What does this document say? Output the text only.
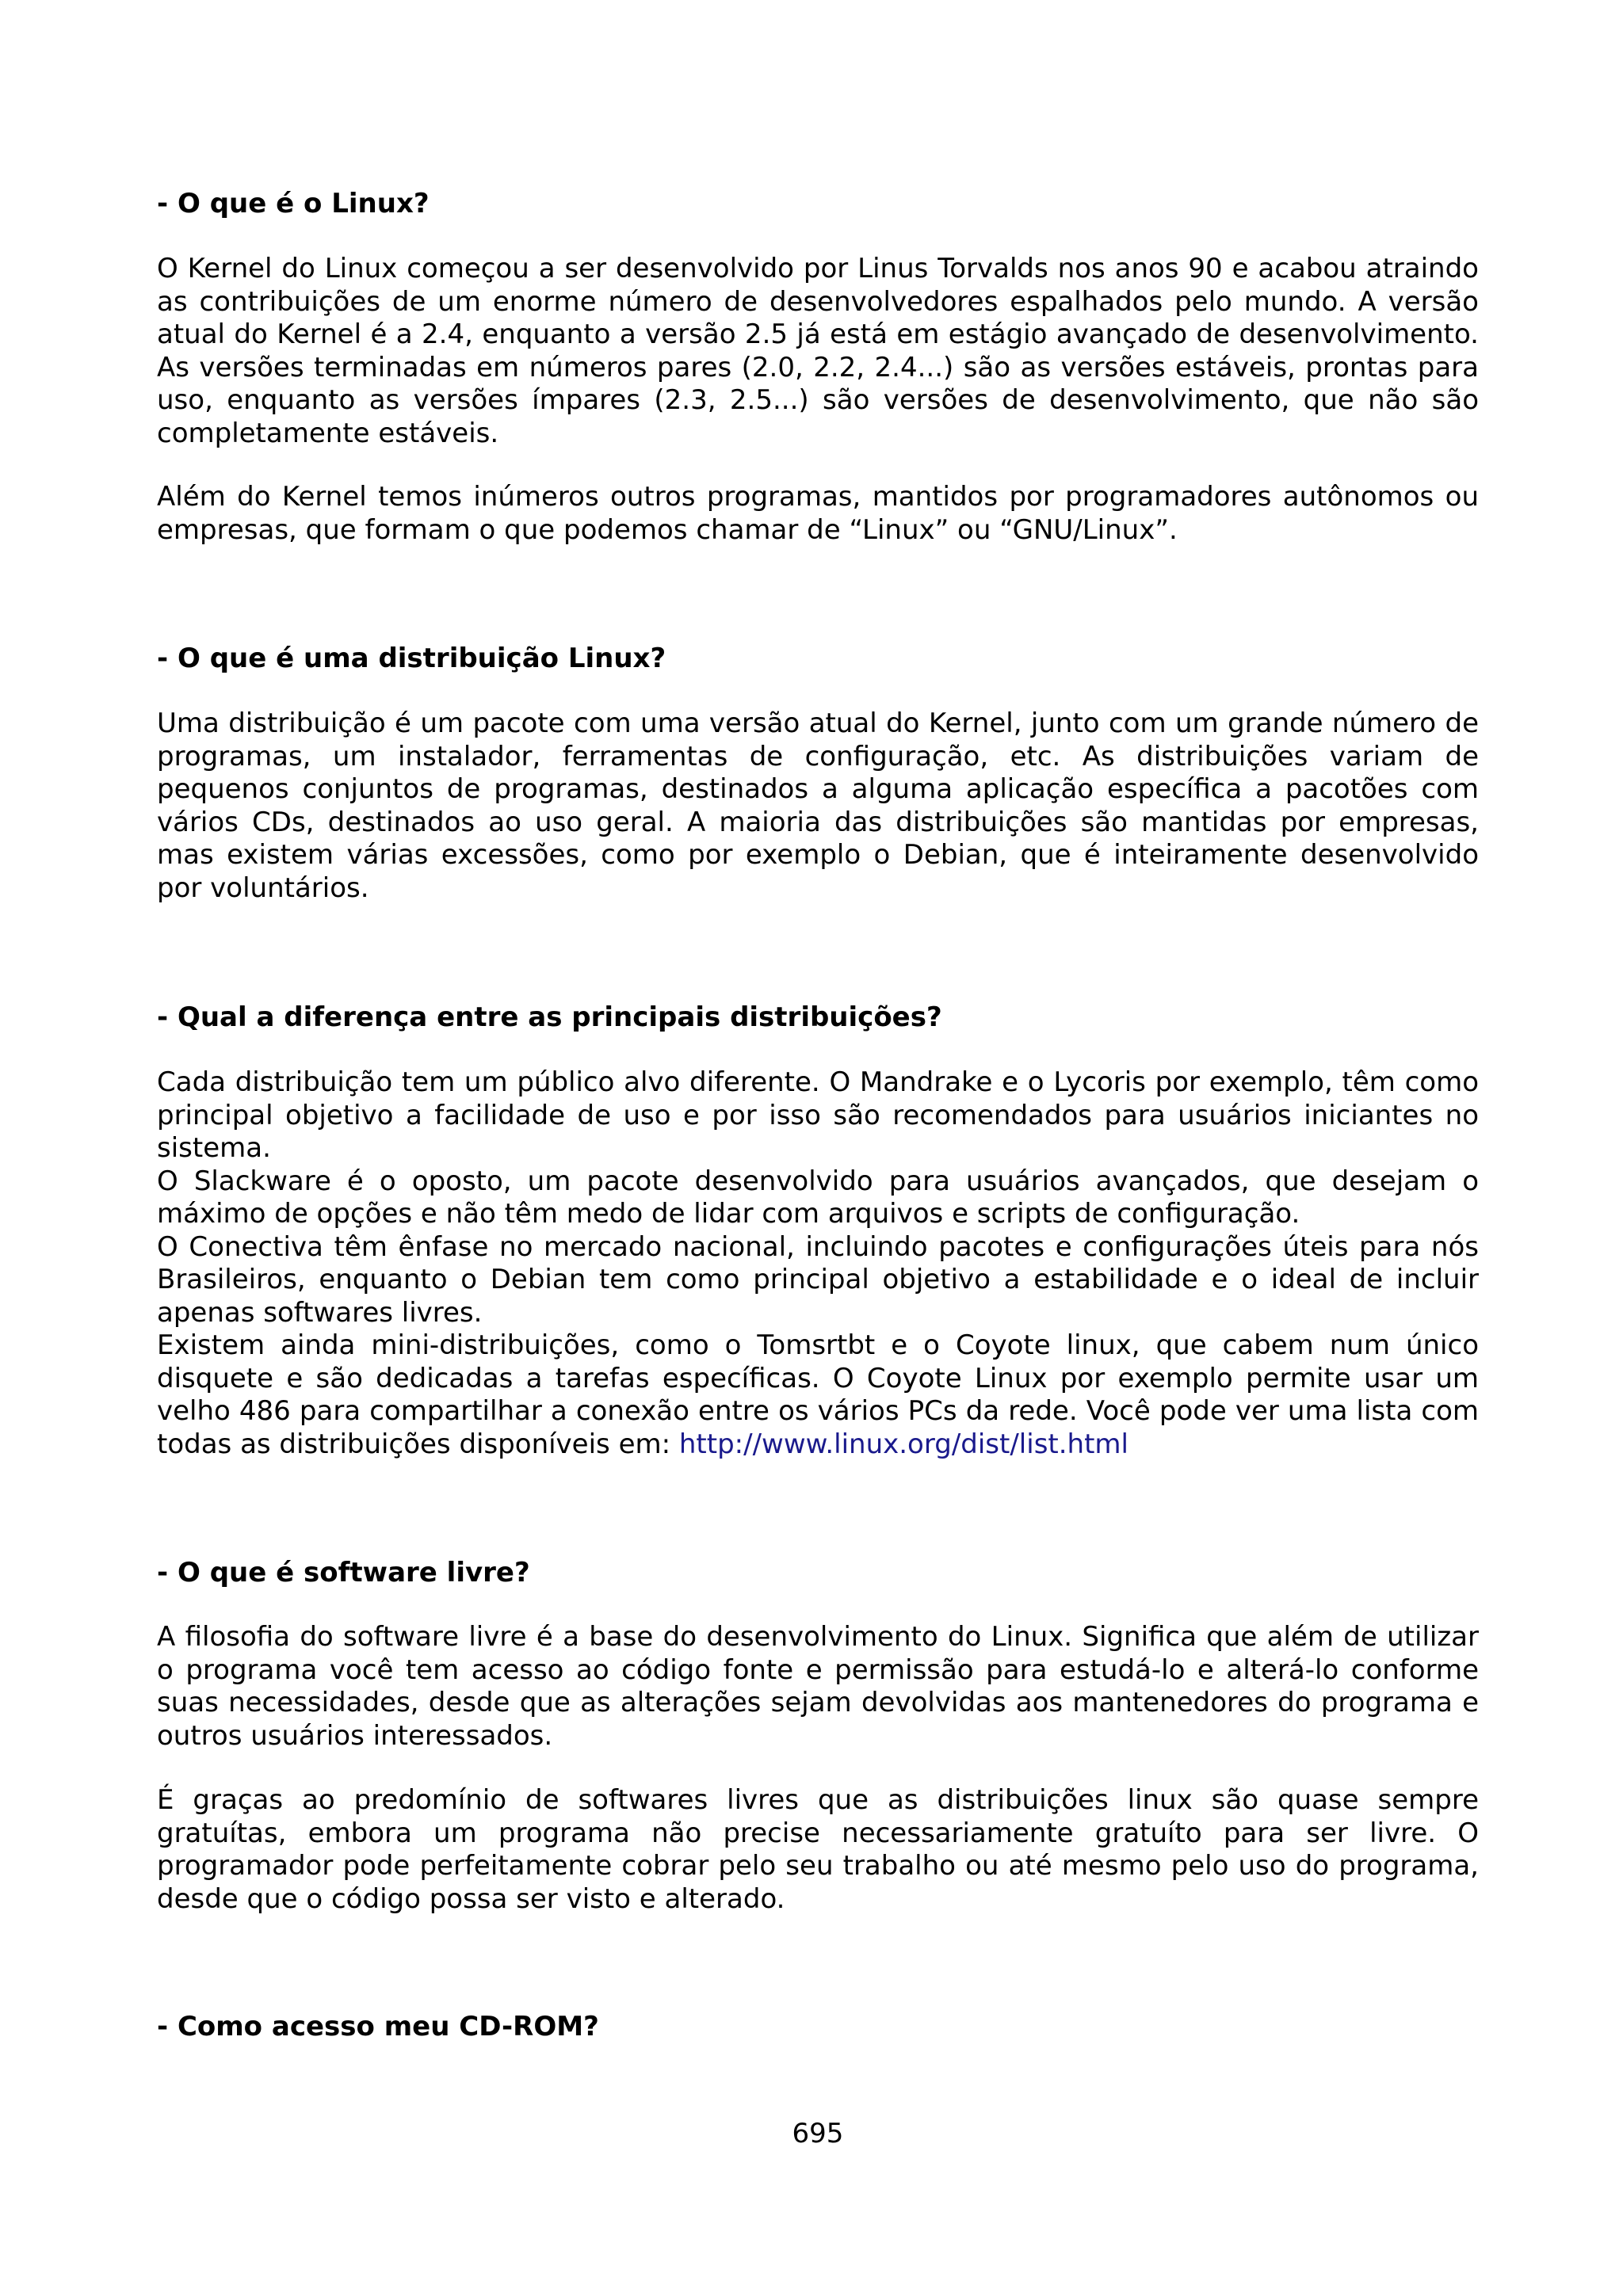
- O que é o Linux?

O Kernel do Linux começou a ser desenvolvido por Linus Torvalds nos anos 90 e acabou atraindo as contribuições de um enorme número de desenvolvedores espalhados pelo mundo. A versão atual do Kernel é a 2.4, enquanto a versão 2.5 já está em estágio avançado de desenvolvimento. As versões terminadas em números pares (2.0, 2.2, 2.4...) são as versões estáveis, prontas para uso, enquanto as versões ímpares (2.3, 2.5...) são versões de desenvolvimento, que não são completamente estáveis.

Além do Kernel temos inúmeros outros programas, mantidos por programadores autônomos ou empresas, que formam o que podemos chamar de “Linux” ou “GNU/Linux”.

- O que é uma distribuição Linux?

Uma distribuição é um pacote com uma versão atual do Kernel, junto com um grande número de programas, um instalador, ferramentas de configuração, etc. As distribuições variam de pequenos conjuntos de programas, destinados a alguma aplicação específica a pacotões com vários CDs, destinados ao uso geral. A maioria das distribuições são mantidas por empresas, mas existem várias excessões, como por exemplo o Debian, que é inteiramente desenvolvido por voluntários.

- Qual a diferença entre as principais distribuições?
Cada distribuição tem um público alvo diferente. O Mandrake e o Lycoris por exemplo, têm como principal objetivo a facilidade de uso e por isso são recomendados para usuários iniciantes no sistema.
O Slackware é o oposto, um pacote desenvolvido para usuários avançados, que desejam o máximo de opções e não têm medo de lidar com arquivos e scripts de configuração.
O Conectiva têm ênfase no mercado nacional, incluindo pacotes e configurações úteis para nós Brasileiros, enquanto o Debian tem como principal objetivo a estabilidade e o ideal de incluir apenas softwares livres.
Existem ainda mini-distribuições, como o Tomsrtbt e o Coyote linux, que cabem num único disquete e são dedicadas a tarefas específicas. O Coyote Linux por exemplo permite usar um velho 486 para compartilhar a conexão entre os vários PCs da rede. Você pode ver uma lista com todas as distribuições disponíveis em: http://www.linux.org/dist/list.html
- O que é software livre?

A filosofia do software livre é a base do desenvolvimento do Linux. Significa que além de utilizar o programa você tem acesso ao código fonte e permissão para estudá-lo e alterá-lo conforme suas necessidades, desde que as alterações sejam devolvidas aos mantenedores do programa e outros usuários interessados.

É graças ao predomínio de softwares livres que as distribuições linux são quase sempre gratuítas, embora um programa não precise necessariamente gratuíto para ser livre. O programador pode perfeitamente cobrar pelo seu trabalho ou até mesmo pelo uso do programa, desde que o código possa ser visto e alterado.

- Como acesso meu CD-ROM?

695
